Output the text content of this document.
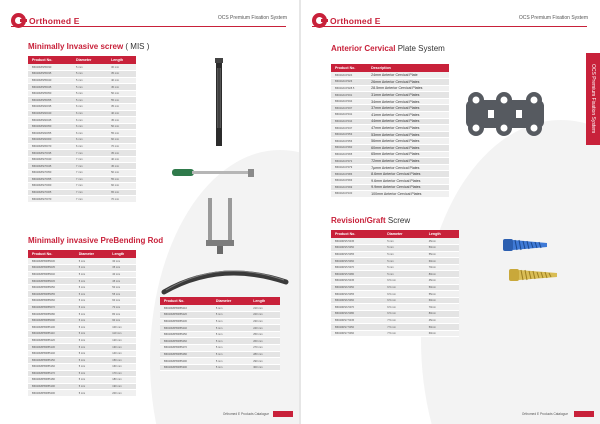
Orthomed E	OCS Premium Fixation System
Minimally Invasive screw ( MIS )
Product No.	Diameter	Length
B6020MIS55030	5 mm	30 mm
B6020MIS55035	5 mm	35 mm
B6020MIS55040	5 mm	40 mm
B6020MIS55045	5 mm	45 mm
B6020MIS55050	5 mm	50 mm
B6020MIS55055	5 mm	55 mm
B6020MIS60035	6 mm	35 mm
B6020MIS60040	6 mm	40 mm
B6020MIS60045	6 mm	45 mm
B6020MIS60050	6 mm	50 mm
B6020MIS60055	6 mm	55 mm
B6020MIS60060	6 mm	60 mm
B6020MIS65070	6 mm	70 mm
B6020MIS70035	7 mm	35 mm
B6020MIS70040	7 mm	40 mm
B6020MIS70045	7 mm	45 mm
B6020MIS70050	7 mm	50 mm
B6020MIS70055	7 mm	55 mm
B6020MIS70060	7 mm	60 mm
B6020MIS70065	7 mm	65 mm
B6020MIS70070	7 mm	70 mm
Minimally invasive PreBending Rod
Product No.	Diameter	Length
B6020MIPBR55030	5 mm	30 mm
B6020MIPBR55035	5 mm	35 mm
B6020MIPBR55040	5 mm	40 mm
B6020MIPBR55045	5 mm	45 mm
B6020MIPBR55050	5 mm	50 mm
B6020MIPBR55055	5 mm	55 mm
B6020MIPBR55060	5 mm	60 mm
B6020MIPBR55070	5 mm	70 mm
B6020MIPBR55080	5 mm	80 mm
B6020MIPBR55090	5 mm	90 mm
B6020MIPBR55100	5 mm	100 mm
B6020MIPBR55110	5 mm	110 mm
B6020MIPBR55120	5 mm	120 mm
B6020MIPBR55130	5 mm	130 mm
B6020MIPBR55140	5 mm	140 mm
B6020MIPBR55150	5 mm	150 mm
B6020MIPBR55160	5 mm	160 mm
B6020MIPBR55170	5 mm	170 mm
B6020MIPBR55180	5 mm	180 mm
B6020MIPBR55190	5 mm	190 mm
B6020MIPBR55200	5 mm	200 mm
Product No.	Diameter	Length
B6020MIPBR55210	5 mm	210 mm
B6020MIPBR55220	5 mm	220 mm
B6020MIPBR55230	5 mm	230 mm
B6020MIPBR55240	5 mm	240 mm
B6020MIPBR55250	5 mm	250 mm
B6020MIPBR55260	5 mm	260 mm
B6020MIPBR55270	5 mm	270 mm
B6020MIPBR55280	5 mm	280 mm
B6020MIPBR55290	5 mm	290 mm
B6020MIPBR55300	5 mm	300 mm
Orthomed E Products Catalogue
Orthomed E	OCS Premium Fixation System
OCS Premium Fixation System
Anterior Cervical Plate System
Product No.	Description
B6020ACP024	24mm Anterior Cervical Plate
B6020ACP026	26mm Anterior Cervical Plates
B6020ACP028.5	28.5mm Anterior Cervical Plates
B6020ACP031	31mm Anterior Cervical Plates
B6020ACP034	34mm Anterior Cervical Plates
B6020ACP037	37mm Anterior Cervical Plates
B6020ACP041	41mm Anterior Cervical Plates
B6020ACP044	44mm Anterior Cervical Plates
B6020ACP047	47mm Anterior Cervical Plates
B6020ACP053	53mm Anterior Cervical Plates
B6020ACP056	56mm Anterior Cervical Plates
B6020ACP060	60mm Anterior Cervical Plates
B6020ACP065	65mm Anterior Cervical Plates
B6020ACP072	72mm Anterior Cervical Plates
B6020ACP079	7µmm Anterior Cervical Plates
B6020ACP086	8.6mm Anterior Cervical Plates
B6020ACP093	9.6mm Anterior Cervical Plates
B6020ACP099	9.9mm Anterior Cervical Plates
B6020ACP100	100mm Anterior Cervical Plates
Revision/Graft Screw
Product No.	Diameter	Length
B6020RS5.5045	5 mm	45mm
B6020RS5.5050	5 mm	50mm
B6020RS5.5055	5 mm	55mm
B6020RS5.5060	5 mm	60mm
B6020RS5.5070	5 mm	70mm
B6020RS5.5080	5 mm	80mm
B6020RS6.5045	6.5 mm	45mm
B6020RS6.5050	6.5 mm	50mm
B6020RS6.5055	6.5 mm	55mm
B6020RS6.5060	6.5 mm	60mm
B6020RS6.5070	6.5 mm	70mm
B6020RS6.5080	6.5 mm	80mm
B6020RS7.5045	7.5 mm	45mm
B6020RS7.5050	7.5 mm	50mm
B6020RS7.5060	7.5 mm	60mm
Orthomed E Products Catalogue
